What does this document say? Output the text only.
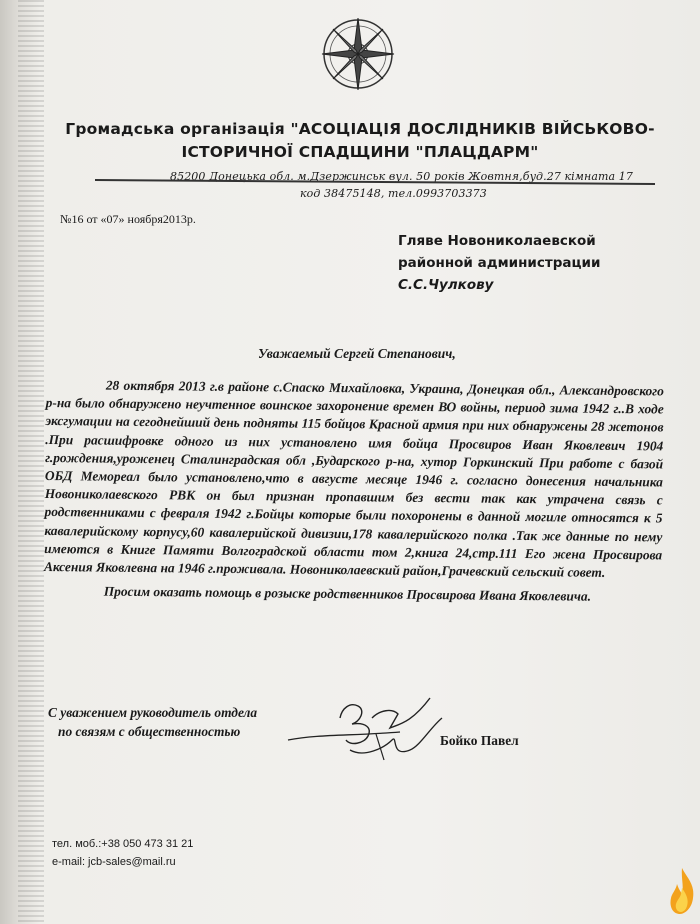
Громадська організація "АСОЦІАЦІЯ ДОСЛІДНИКІВ ВІЙСЬКОВО-
ІСТОРИЧНОЇ СПАДЩИНИ "ПЛАЦДАРМ"
85200 Донецька обл. м.Дзержинськ вул. 50 років Жовтня,буд.27 кімната 17
код 38475148, тел.0993703373
№16 от «07» ноября2013р.
Гляве Новониколаевской
районной администрации
С.С.Чулкову
Уважаемый Сергей Степанович,

28 октября 2013 г.в районе с.Спаско Михайловка, Украина, Донецкая обл., Александровского р-на было обнаружено неучтенное воинское захоронение времен ВО войны, период зима 1942 г..В ходе эксгумации на сегоднейший день подняты 115 бойцов Красной армия при них обнаружены 28 жетонов .При расшифровке одного из них установлено имя бойца Просвиров Иван Яковлевич 1904 г.рождения,уроженец Сталинградская обл ,Бударского р-на, хутор Горкинский При работе с базой ОБД Мемореал было установлено,что в августе месяце 1946 г. согласно донесения начальника Новониколаевского РВК он был признан пропавшим без вести так как утрачена связь с родственниками с февраля 1942 г.Бойцы которые были похоронены в данной могиле относятся к 5 кавалерийскому корпусу,60 кавалерийской дивизии,178 кавалерийского полка .Так же данные по нему имеются в Книге Памяти Волгоградской области том 2,книга 24,стр.111 Его жена Просвирова Аксения Яковлевна на 1946 г.проживала. Новониколаевский район,Грачевский сельский совет.

Просим оказать помощь в розыске родственников Просвирова Ивана Яковлевича.

С уважением руководитель отдела
по связям с общественностью
Бойко Павел
тел. моб.:+38 050 473 31 21
e-mail: jcb-sales@mail.ru
